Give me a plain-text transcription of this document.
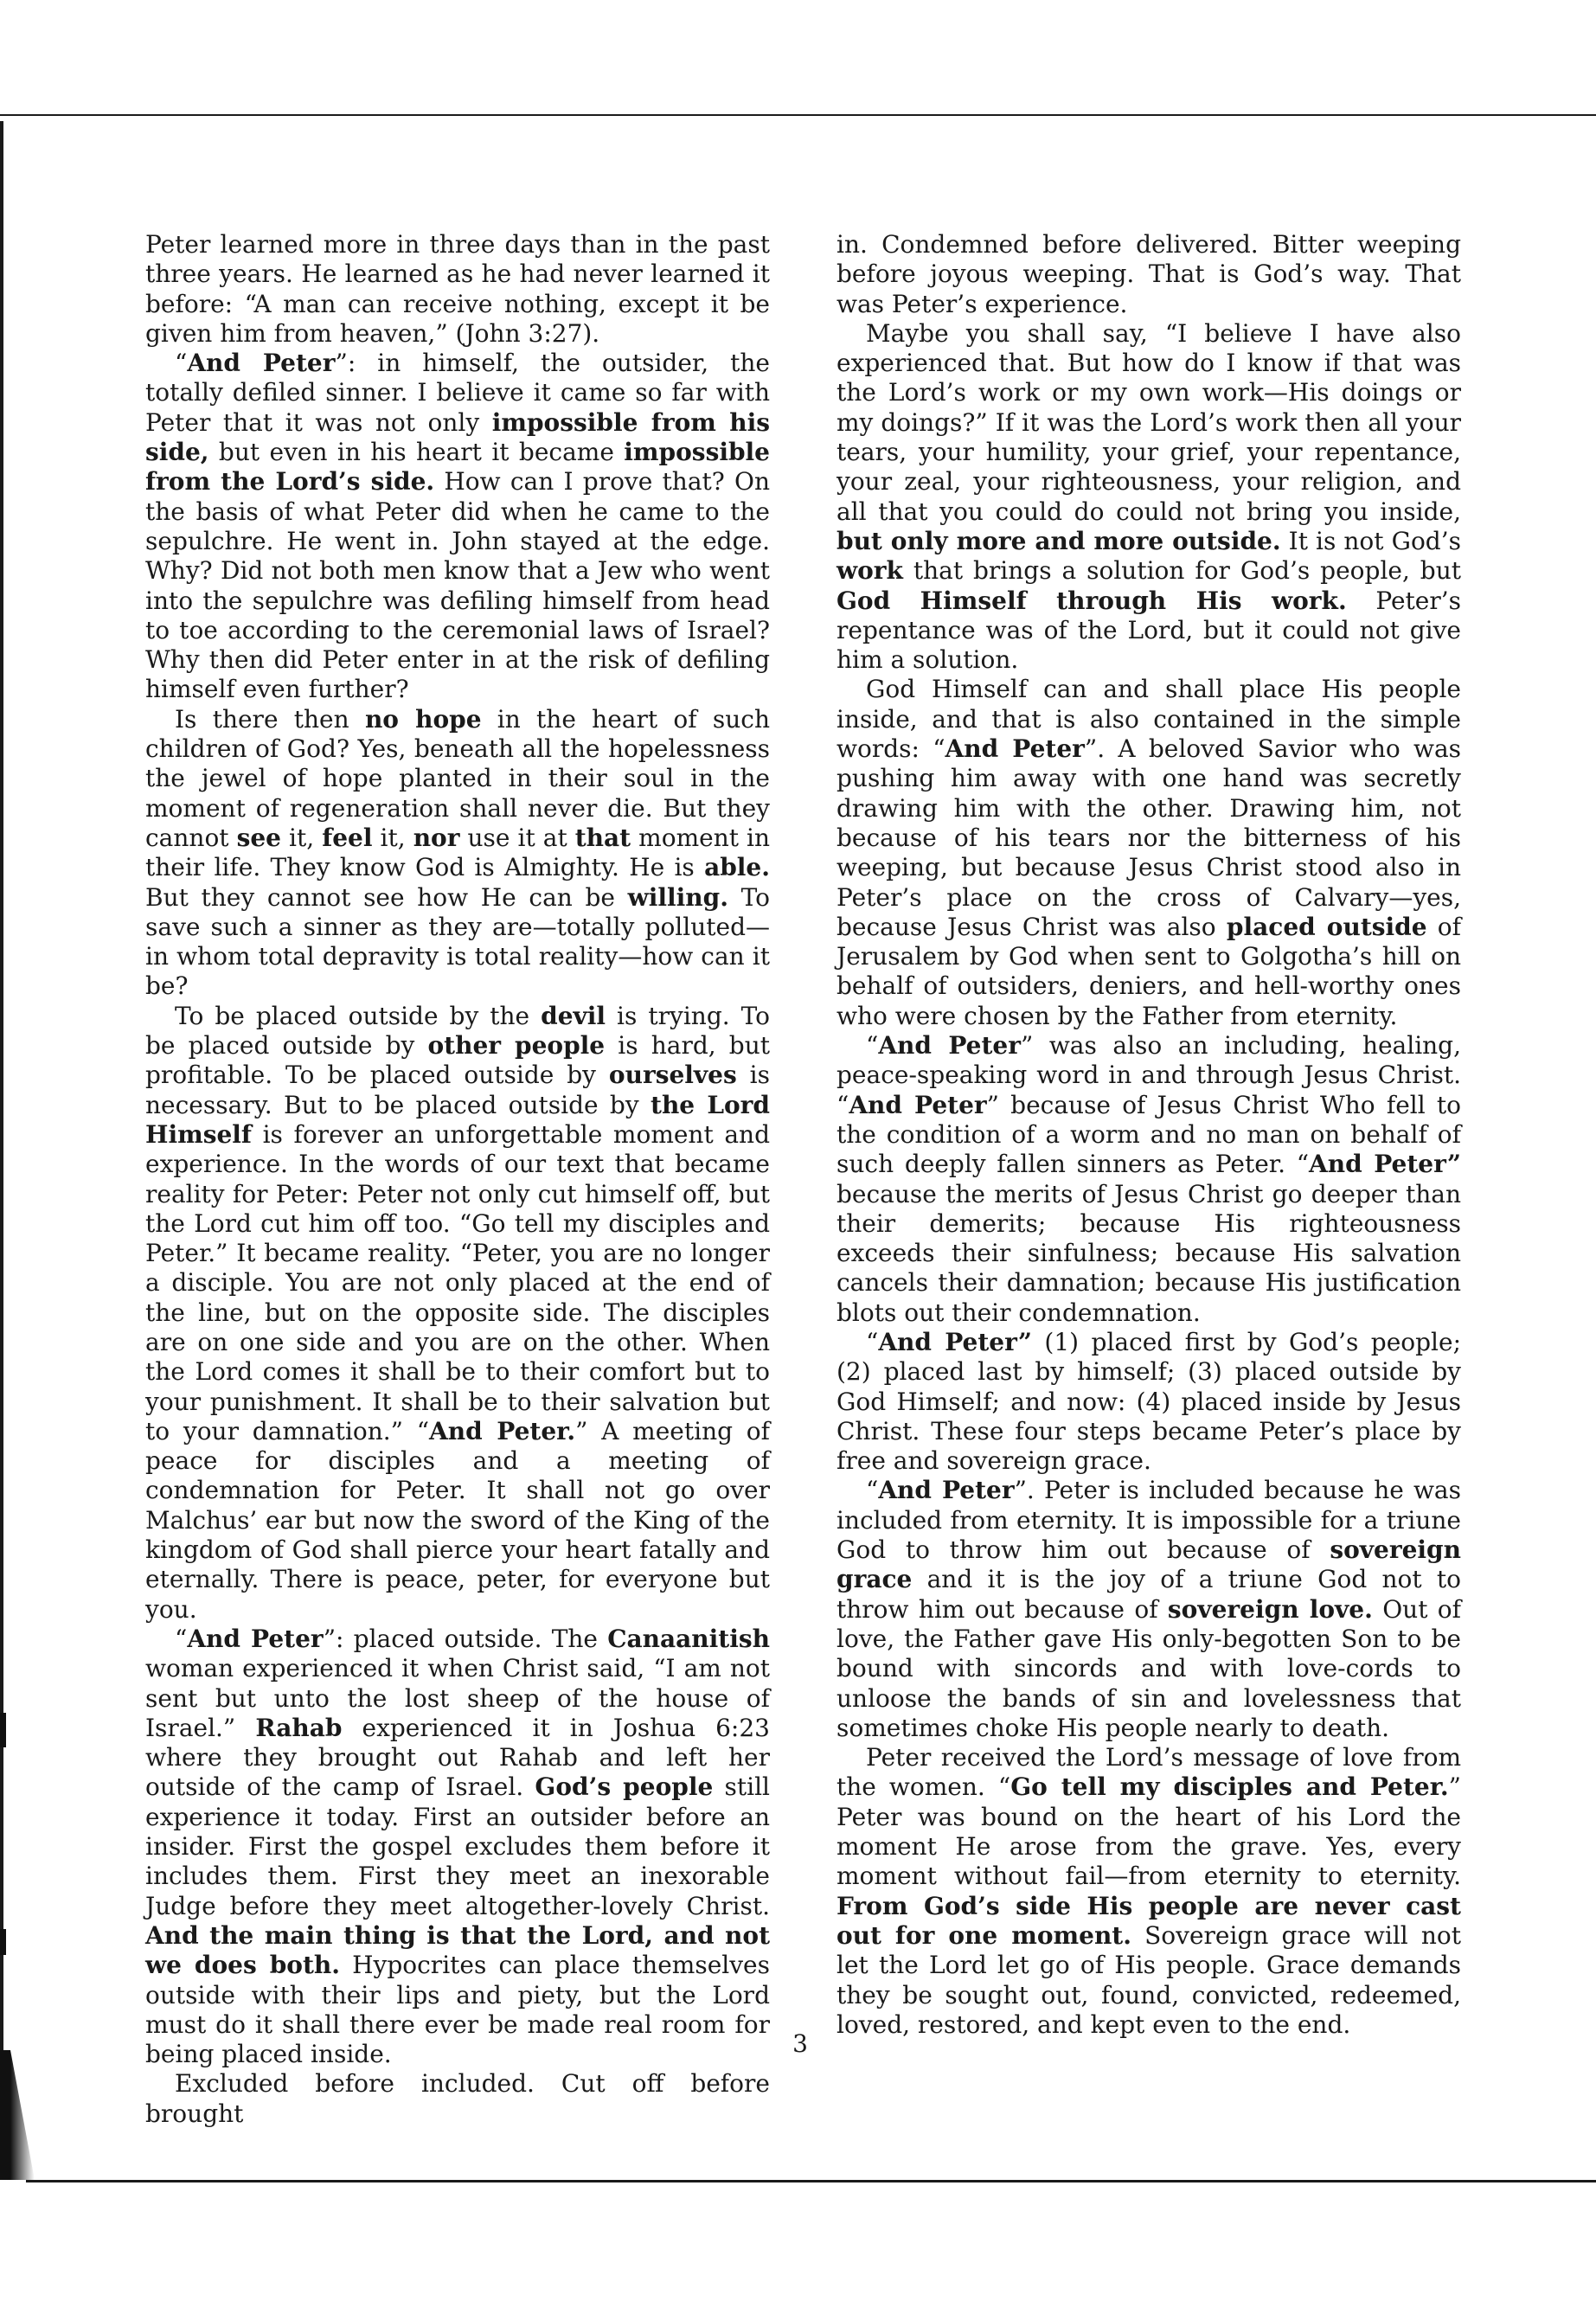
Peter learned more in three days than in the past three years. He learned as he had never learned it before: “A man can receive nothing, except it be given him from heaven,” (John 3:27).

“And Peter”: in himself, the outsider, the totally defiled sinner. I believe it came so far with Peter that it was not only impossible from his side, but even in his heart it became impossible from the Lord’s side. How can I prove that? On the basis of what Peter did when he came to the sepulchre. He went in. John stayed at the edge. Why? Did not both men know that a Jew who went into the sepulchre was defiling himself from head to toe according to the ceremonial laws of Israel? Why then did Peter enter in at the risk of defiling himself even further?

Is there then no hope in the heart of such children of God? Yes, beneath all the hopelessness the jewel of hope planted in their soul in the moment of regeneration shall never die. But they cannot see it, feel it, nor use it at that moment in their life. They know God is Almighty. He is able. But they cannot see how He can be willing. To save such a sinner as they are—totally polluted—in whom total depravity is total reality—how can it be?

To be placed outside by the devil is trying. To be placed outside by other people is hard, but profitable. To be placed outside by ourselves is necessary. But to be placed outside by the Lord Himself is forever an unforgettable moment and experience. In the words of our text that became reality for Peter: Peter not only cut himself off, but the Lord cut him off too. “Go tell my disciples and Peter.” It became reality. “Peter, you are no longer a disciple. You are not only placed at the end of the line, but on the opposite side. The disciples are on one side and you are on the other. When the Lord comes it shall be to their comfort but to your punishment. It shall be to their salvation but to your damnation.” “And Peter.” A meeting of peace for disciples and a meeting of condemnation for Peter. It shall not go over Malchus’ ear but now the sword of the King of the kingdom of God shall pierce your heart fatally and eternally. There is peace, peter, for everyone but you.

“And Peter”: placed outside. The Canaanitish woman experienced it when Christ said, “I am not sent but unto the lost sheep of the house of Israel.” Rahab experienced it in Joshua 6:23 where they brought out Rahab and left her outside of the camp of Israel. God’s people still experience it today. First an outsider before an insider. First the gospel excludes them before it includes them. First they meet an inexorable Judge before they meet altogether-lovely Christ. And the main thing is that the Lord, and not we does both. Hypocrites can place themselves outside with their lips and piety, but the Lord must do it shall there ever be made real room for being placed inside.

Excluded before included. Cut off before brought

in. Condemned before delivered. Bitter weeping before joyous weeping. That is God’s way. That was Peter’s experience.

Maybe you shall say, “I believe I have also experienced that. But how do I know if that was the Lord’s work or my own work—His doings or my doings?” If it was the Lord’s work then all your tears, your humility, your grief, your repentance, your zeal, your righteousness, your religion, and all that you could do could not bring you inside, but only more and more outside. It is not God’s work that brings a solution for God’s people, but God Himself through His work. Peter’s repentance was of the Lord, but it could not give him a solution.

God Himself can and shall place His people inside, and that is also contained in the simple words: “And Peter”. A beloved Savior who was pushing him away with one hand was secretly drawing him with the other. Drawing him, not because of his tears nor the bitterness of his weeping, but because Jesus Christ stood also in Peter’s place on the cross of Calvary—yes, because Jesus Christ was also placed outside of Jerusalem by God when sent to Golgotha’s hill on behalf of outsiders, deniers, and hell-worthy ones who were chosen by the Father from eternity.

“And Peter” was also an including, healing, peace-speaking word in and through Jesus Christ. “And Peter” because of Jesus Christ Who fell to the condition of a worm and no man on behalf of such deeply fallen sinners as Peter. “And Peter” because the merits of Jesus Christ go deeper than their demerits; because His righteousness exceeds their sinfulness; because His salvation cancels their damnation; because His justification blots out their condemnation.

“And Peter” (1) placed first by God’s people; (2) placed last by himself; (3) placed outside by God Himself; and now: (4) placed inside by Jesus Christ. These four steps became Peter’s place by free and sovereign grace.

“And Peter”. Peter is included because he was included from eternity. It is impossible for a triune God to throw him out because of sovereign grace and it is the joy of a triune God not to throw him out because of sovereign love. Out of love, the Father gave His only-begotten Son to be bound with sincords and with love-cords to unloose the bands of sin and lovelessness that sometimes choke His people nearly to death.

Peter received the Lord’s message of love from the women. “Go tell my disciples and Peter.” Peter was bound on the heart of his Lord the moment He arose from the grave. Yes, every moment without fail—from eternity to eternity. From God’s side His people are never cast out for one moment. Sovereign grace will not let the Lord let go of His people. Grace demands they be sought out, found, convicted, redeemed, loved, restored, and kept even to the end.

3
